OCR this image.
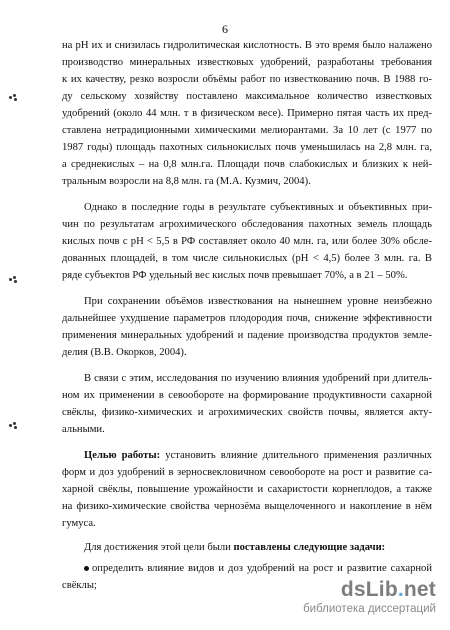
6
на pH их и снизилась гидролитическая кислотность. В это время было налажено
производство минеральных известковых удобрений, разработаны требования
к их качеству, резко возросли объёмы работ по известкованию почв. В 1988 го-
ду сельскому хозяйству поставлено максимальное количество известковых
удобрений (около 44 млн. т в физическом весе). Примерно пятая часть их пред-
ставлена нетрадиционными химическими мелиорантами. За 10 лет (с 1977 по
1987 годы) площадь пахотных сильнокислых почв уменьшилась на 2,8 млн. га,
а среднекислых – на 0,8 млн.га. Площади почв слабокислых и близких к ней-
тральным возросли на 8,8 млн. га (М.А. Кузмич, 2004).
Однако в последние годы в результате субъективных и объективных при-
чин по результатам агрохимического обследования пахотных земель площадь
кислых почв с pH < 5,5 в РФ составляет около 40 млн. га, или более 30% обсле-
дованных площадей, в том числе сильнокислых (pH < 4,5) более 3 млн. га. В
ряде субъектов РФ удельный вес кислых почв превышает 70%, а в 21 – 50%.
При сохранении объёмов известкования на нынешнем уровне неизбежно
дальнейшее ухудшение параметров плодородия почв, снижение эффективности
применения минеральных удобрений и падение производства продуктов земле-
делия (В.В. Окорков, 2004).
В связи с этим, исследования по изучению влияния удобрений при длитель-
ном их применении в севообороте на формирование продуктивности сахарной
свёклы, физико-химических и агрохимических свойств почвы, является акту-
альными.
Целью работы: установить влияние длительного применения различных
форм и доз удобрений в зерносвекловичном севообороте на рост и развитие са-
харной свёклы, повышение урожайности и сахаристости корнеплодов, а также
на физико-химические свойства чернозёма выщелоченного и накопление в нём
гумуса.
Для достижения этой цели были поставлены следующие задачи:
определить влияние видов и доз удобрений на рост и развитие сахарной
свёклы;	dsLib.net
библиотека диссертаций
